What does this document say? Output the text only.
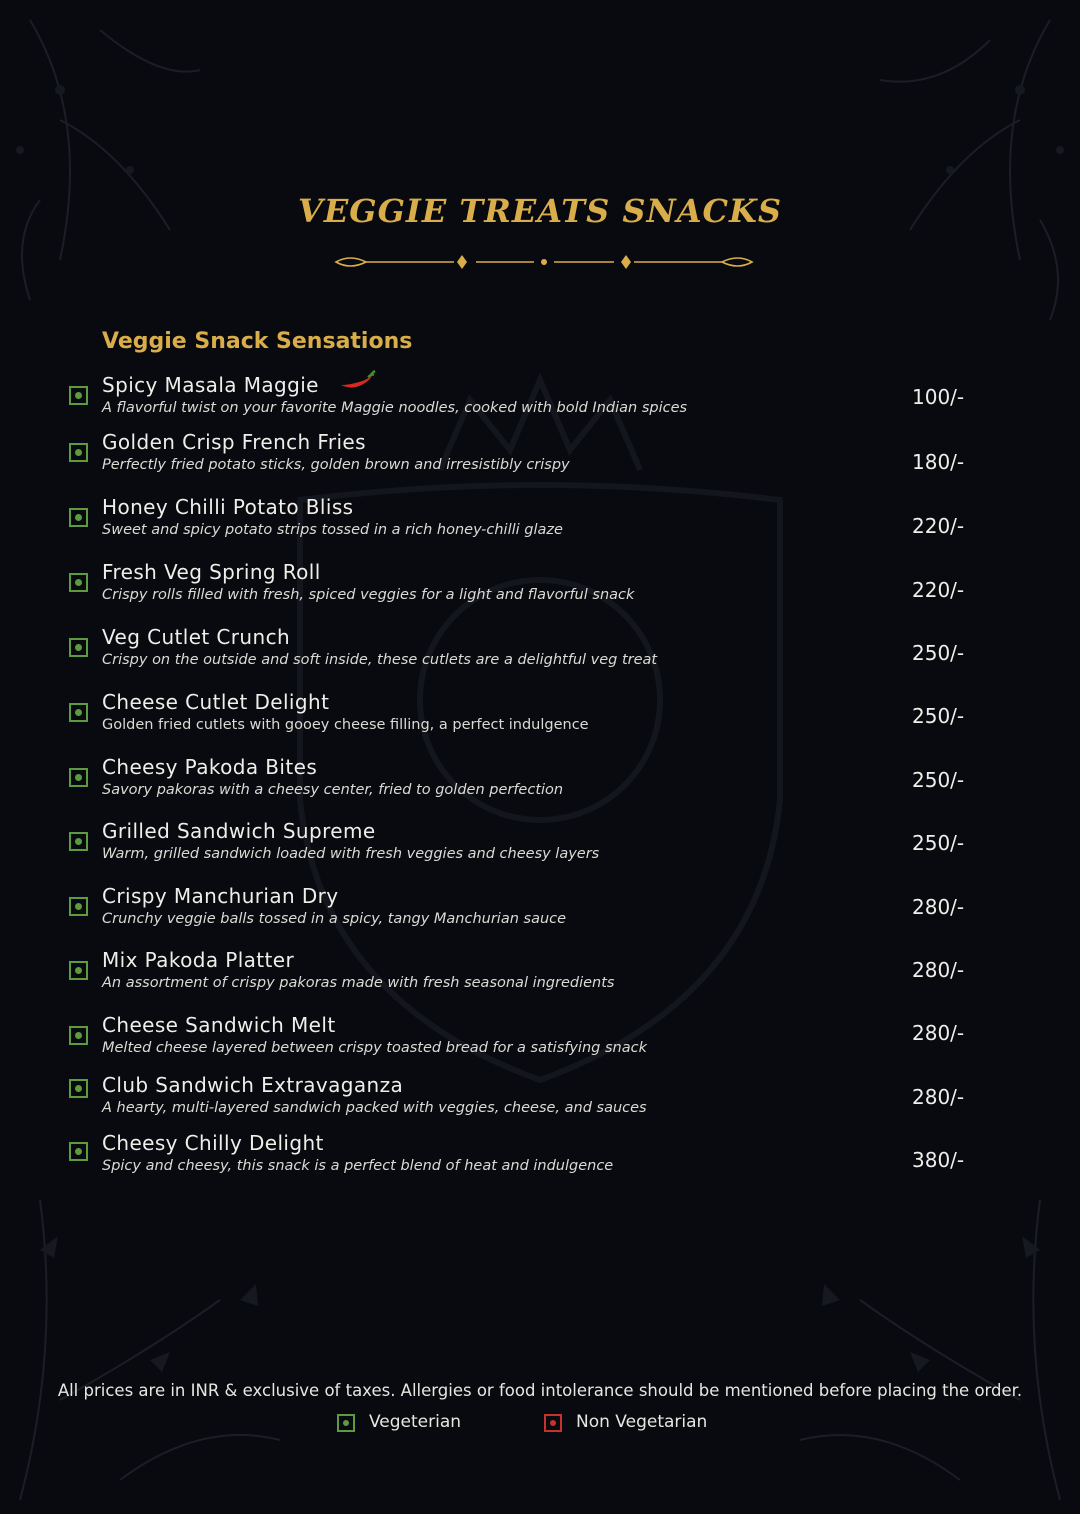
VEGGIE TREATS SNACKS
Veggie Snack Sensations
Spicy Masala Maggie
A flavorful twist on your favorite Maggie noodles, cooked with bold Indian spices	100/-
Golden Crisp French Fries
Perfectly fried potato sticks, golden brown and irresistibly crispy	180/-
Honey Chilli Potato Bliss
Sweet and spicy potato strips tossed in a rich honey-chilli glaze	220/-
Fresh Veg Spring Roll
Crispy rolls filled with fresh, spiced veggies for a light and flavorful snack	220/-
Veg Cutlet Crunch
Crispy on the outside and soft inside, these cutlets are a delightful veg treat	250/-
Cheese Cutlet Delight
Golden fried cutlets with gooey cheese filling, a perfect indulgence	250/-
Cheesy Pakoda Bites
Savory pakoras with a cheesy center, fried to golden perfection	250/-
Grilled Sandwich Supreme
Warm, grilled sandwich loaded with fresh veggies and cheesy layers	250/-
Crispy Manchurian Dry
Crunchy veggie balls tossed in a spicy, tangy Manchurian sauce	280/-
Mix Pakoda Platter
An assortment of crispy pakoras made with fresh seasonal ingredients
280/-
Cheese Sandwich Melt
Melted cheese layered between crispy toasted bread for a satisfying snack
280/-
Club Sandwich Extravaganza
A hearty, multi-layered sandwich packed with veggies, cheese, and sauces	280/-
Cheesy Chilly Delight
Spicy and cheesy, this snack is a perfect blend of heat and indulgence	380/-
All prices are in INR & exclusive of taxes. Allergies or food intolerance should be mentioned before placing the order.
Vegeterian	Non Vegetarian
